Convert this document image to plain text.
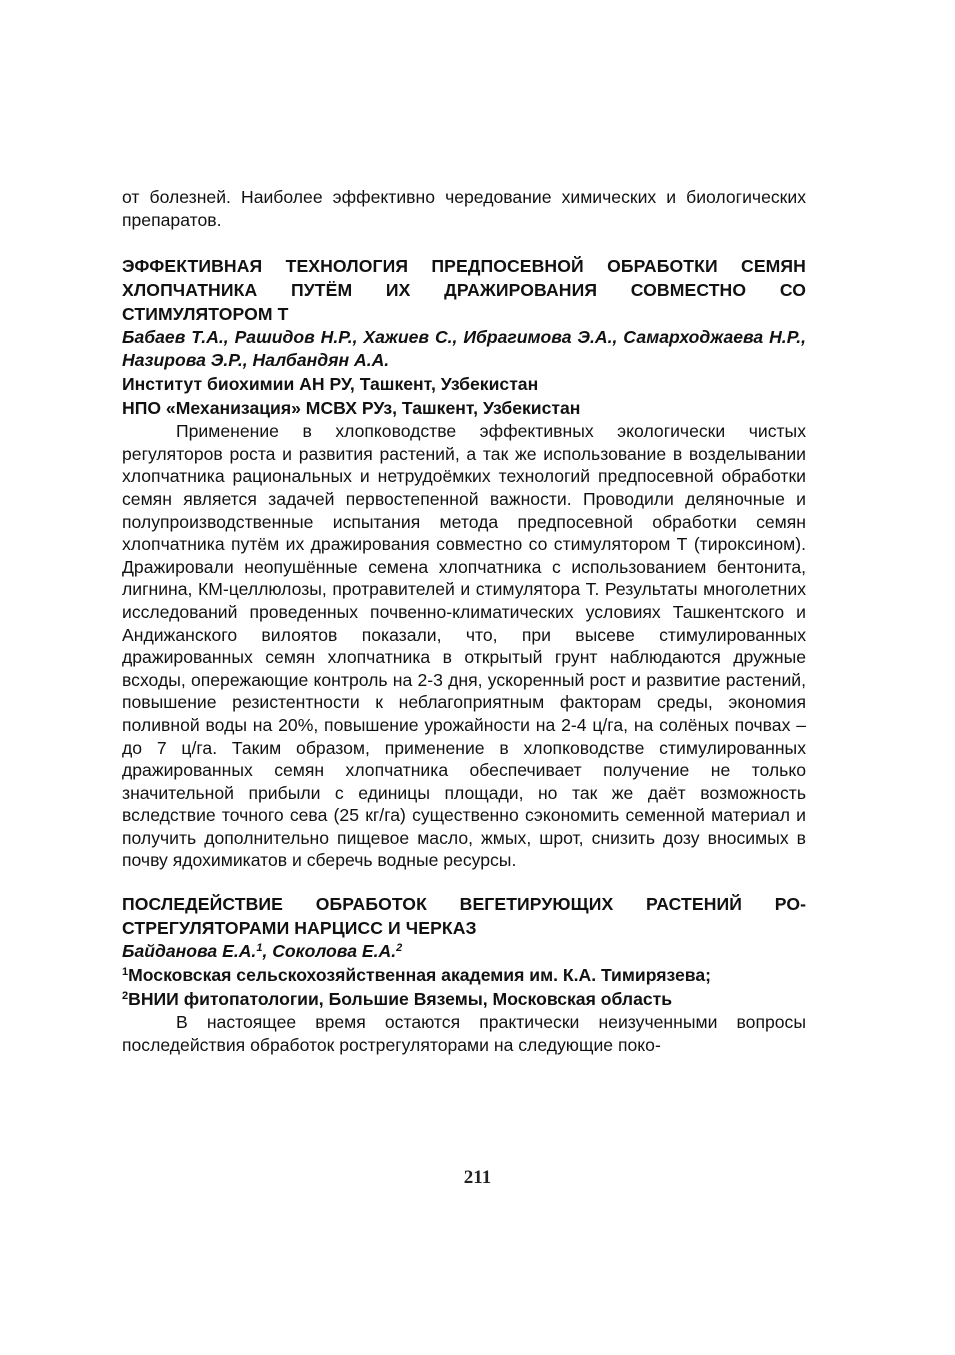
от болезней. Наиболее эффективно чередование химических и биологических препаратов.

ЭФФЕКТИВНАЯ ТЕХНОЛОГИЯ ПРЕДПОСЕВНОЙ ОБРАБОТКИ СЕМЯН ХЛОПЧАТНИКА ПУТЁМ ИХ ДРАЖИРОВАНИЯ СОВМЕСТНО СО СТИМУЛЯТОРОМ Т

Бабаев Т.А., Рашидов Н.Р., Хажиев С., Ибрагимова Э.А., Самарходжаева Н.Р., Назирова Э.Р., Налбандян А.А.

Институт биохимии АН РУ, Ташкент, Узбекистан

НПО «Механизация» МСВХ РУз, Ташкент, Узбекистан

Применение в хлопководстве эффективных экологически чистых регуляторов роста и развития растений, а так же использование в возделывании хлопчатника рациональных и нетрудоёмких технологий предпосевной обработки семян является задачей первостепенной важности. Проводили деляночные и полупроизводственные испытания метода предпосевной обработки семян хлопчатника путём их дражирования совместно со стимулятором Т (тироксином). Дражировали неопушённые семена хлопчатника с использованием бентонита, лигнина, КМ-целлюлозы, протравителей и стимулятора Т. Результаты многолетних исследований проведенных почвенно-климатических условиях Ташкентского и Андижанского вилоятов показали, что, при высеве стимулированных дражированных семян хлопчатника в открытый грунт наблюдаются дружные всходы, опережающие контроль на 2-3 дня, ускоренный рост и развитие растений, повышение резистентности к неблагоприятным факторам среды, экономия поливной воды на 20%, повышение урожайности на 2-4 ц/га, на солёных почвах – до 7 ц/га. Таким образом, применение в хлопководстве стимулированных дражированных семян хлопчатника обеспечивает получение не только значительной прибыли с единицы площади, но так же даёт возможность вследствие точного сева (25 кг/га) существенно сэкономить семенной материал и получить дополнительно пищевое масло, жмых, шрот, снизить дозу вносимых в почву ядохимикатов и сберечь водные ресурсы.

ПОСЛЕДЕЙСТВИЕ ОБРАБОТОК ВЕГЕТИРУЮЩИХ РАСТЕНИЙ РОСТРЕГУЛЯТОРАМИ НАРЦИСС И ЧЕРКАЗ

Байданова Е.А.$^1$, Соколова Е.А.$^2$

$^1$Московская сельскохозяйственная академия им. К.А. Тимирязева;

$^2$ВНИИ фитопатологии, Большие Вяземы, Московская область

В настоящее время остаются практически неизученными вопросы последействия обработок рострегуляторами на следующие поко-

211
